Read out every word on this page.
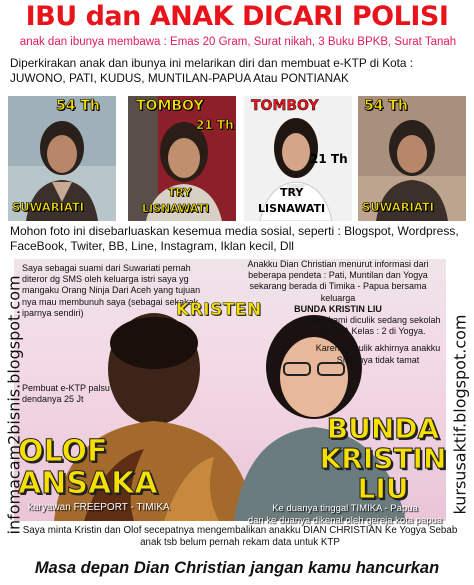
IBU dan ANAK DICARI POLISI
anak dan ibunya membawa : Emas 20 Gram, Surat nikah, 3 Buku BPKB, Surat Tanah
Diperkirakan anak dan ibunya ini melarikan diri dan membuat e-KTP di Kota : JUWONO, PATI, KUDUS, MUNTILAN-PAPUA Atau PONTIANAK
54 Th
SUWARIATI
TOMBOY
21 Th
TRY
LISNAWATI
TOMBOY
21 Th
TRY
LISNAWATI
54 Th
SUWARIATI
Mohon foto ini disebarluaskan kesemua media sosial, seperti : Blogspot, Wordpress, FaceBook, Twiter, BB, Line, Instagram, Iklan kecil, Dll
Saya sebagai suami dari Suwariati pernah diteror dg SMS oleh keluarga istri saya yg mangaku Orang Ninja Dari Aceh yang tujuan nya mau membunuh saya (sebagai sekakak iparnya sendiri)
Pembuat e-KTP palsu dendanya 25 Jt
Anakku Dian Christian menurut informasi dari beberapa pendeta : Pati, Muntilan dan Yogya sekarang berada di Timika - Papua bersama keluarga
BUNDA KRISTIN LIU
Anak kami diculik sedang sekolah di SMA Kelas : 2 di Yogya.
Karena diculik akhirnya anakku SMA nya tidak tamat
KRISTEN
OLOF
ANSAKA
karyawan FREEPORT - TIMIKA
BUNDA
KRISTIN
LIU
Ke duanya tinggal TIMIKA - Papua
dan ke duanya dikenal oleh gereja kota papua
infomacam2bisnis.blogspot.com	kursusaktif.blogspot.com
Saya minta Kristin dan Olof secepatnya mengembalikan anakku DIAN CHRISTIAN Ke Yogya Sebab anak tsb belum pernah rekam data untuk KTP
Masa depan Dian Christian jangan kamu hancurkan
